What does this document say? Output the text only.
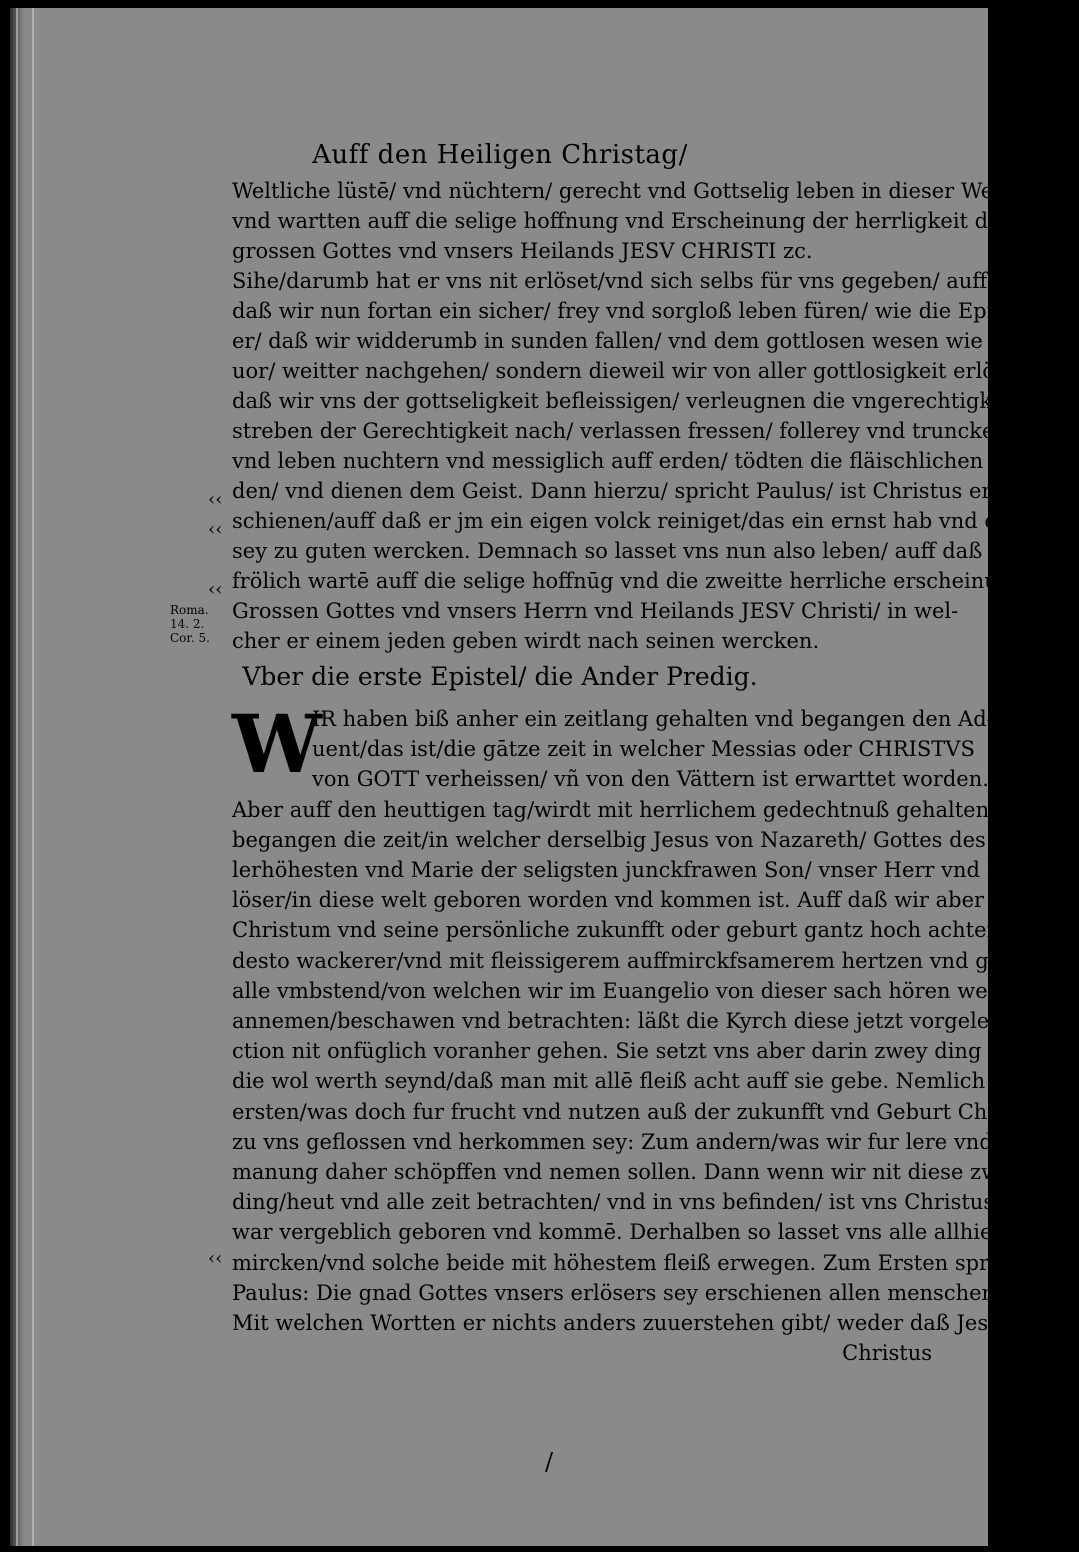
Auff den Heiligen Christag/
Weltliche lüstē/ vnd nüchtern/ gerecht vnd Gottselig leben in dieser Welt/
vnd wartten auff die selige hoffnung vnd Erscheinung der herrligkeit des
grossen Gottes vnd vnsers Heilands JESV CHRISTI zc.
Sihe/darumb hat er vns nit erlöset/vnd sich selbs für vns gegeben/ auff
daß wir nun fortan ein sicher/ frey vnd sorgloß leben füren/ wie die Epicure-
er/ daß wir widderumb in sunden fallen/ vnd dem gottlosen wesen wie zu-
uor/ weitter nachgehen/ sondern dieweil wir von aller gottlosigkeit erlöset/
daß wir vns der gottseligkeit befleissigen/ verleugnen die vngerechtigkeit/vnd
streben der Gerechtigkeit nach/ verlassen fressen/ follerey vnd trunckenheit/
vnd leben nuchtern vnd messiglich auff erden/ tödten die fläischlichen begir-
den/ vnd dienen dem Geist. Dann hierzu/ spricht Paulus/ ist Christus er-
schienen/auff daß er jm ein eigen volck reiniget/das ein ernst hab vnd eifferig
sey zu guten wercken. Demnach so lasset vns nun also leben/ auff daß wir
frölich wartē auff die selige hoffnūg vnd die zweitte herrliche erscheinung des
Grossen Gottes vnd vnsers Herrn vnd Heilands JESV Christi/ in wel-
cher er einem jeden geben wirdt nach seinen wercken.
‹‹
‹‹
‹‹
Roma. 14. 2. Cor. 5.
Vber die erste Epistel/ die Ander Predig.
W
IR haben biß anher ein zeitlang gehalten vnd begangen den Ad-
uent/das ist/die gātze zeit in welcher Messias oder CHRISTVS
von GOTT verheissen/ vñ von den Vättern ist erwarttet worden.
Aber auff den heuttigen tag/wirdt mit herrlichem gedechtnuß gehalten vñ
begangen die zeit/in welcher derselbig Jesus von Nazareth/ Gottes des Al-
lerhöhesten vnd Marie der seligsten junckfrawen Son/ vnser Herr vnd Er-
löser/in diese welt geboren worden vnd kommen ist. Auff daß wir aber diesen
Christum vnd seine persönliche zukunfft oder geburt gantz hoch achten/ auch
desto wackerer/vnd mit fleissigerem auffmirckfsamerem hertzen vnd gemüt/
alle vmbstend/von welchen wir im Euangelio von dieser sach hören werdē/
annemen/beschawen vnd betrachten: läßt die Kyrch diese jetzt vorgelesene Le-
ction nit onfüglich voranher gehen. Sie setzt vns aber darin zwey ding fur/
die wol werth seynd/daß man mit allē fleiß acht auff sie gebe. Nemlich zum
ersten/was doch fur frucht vnd nutzen auß der zukunfft vnd Geburt Christi
zu vns geflossen vnd herkommen sey: Zum andern/was wir fur lere vnd ver-
manung daher schöpffen vnd nemen sollen. Dann wenn wir nit diese zwey
ding/heut vnd alle zeit betrachten/ vnd in vns befinden/ ist vns Christus für-
war vergeblich geboren vnd kommē. Derhalben so lasset vns alle allhie auff-
mircken/vnd solche beide mit höhestem fleiß erwegen. Zum Ersten spricht
Paulus: Die gnad Gottes vnsers erlösers sey erschienen allen menschen:
Mit welchen Wortten er nichts anders zuuerstehen gibt/ weder daß Jesus
Christus
‹‹
/
